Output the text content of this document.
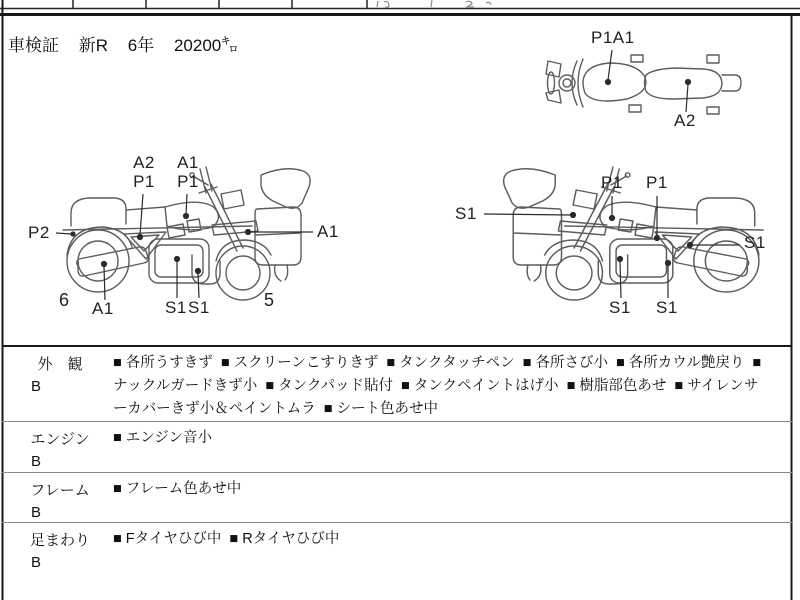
車検証 新R 6年 20200㌔	P1A1
A2
A2
P1
A1
P1
P2	A1
A1	S1 S1
6	5
S1
P1 P1
S1
S1 S1
外　観
B
■ 各所うすきず  ■ スクリーンこすりきず  ■ タンクタッチペン  ■ 各所さび小  ■ 各所カウル艶戻り  ■ ナックルガードきず小  ■ タンクパッド貼付  ■ タンクペイントはげ小  ■ 樹脂部色あせ  ■ サイレンサーカバーきず小＆ペイントムラ  ■ シート色あせ中
エンジン
B
■ エンジン音小
フレーム
B
■ フレーム色あせ中
足まわり
B
■ Fタイヤひび中  ■ Rタイヤひび中
